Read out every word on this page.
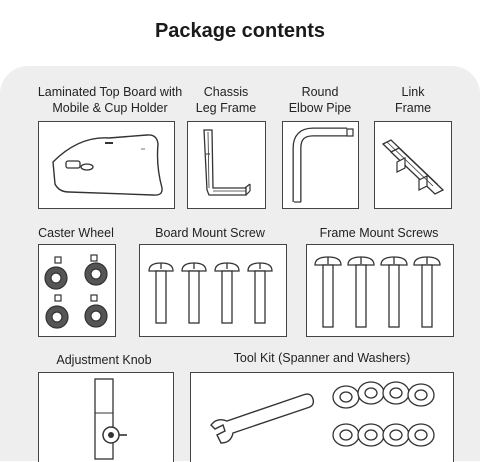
Package contents
Laminated Top Board with
Mobile & Cup Holder
Chassis
Leg Frame
Round
Elbow Pipe
Link
Frame
Caster Wheel	Board Mount Screw	Frame Mount Screws
Adjustment Knob	Tool Kit (Spanner and Washers)
